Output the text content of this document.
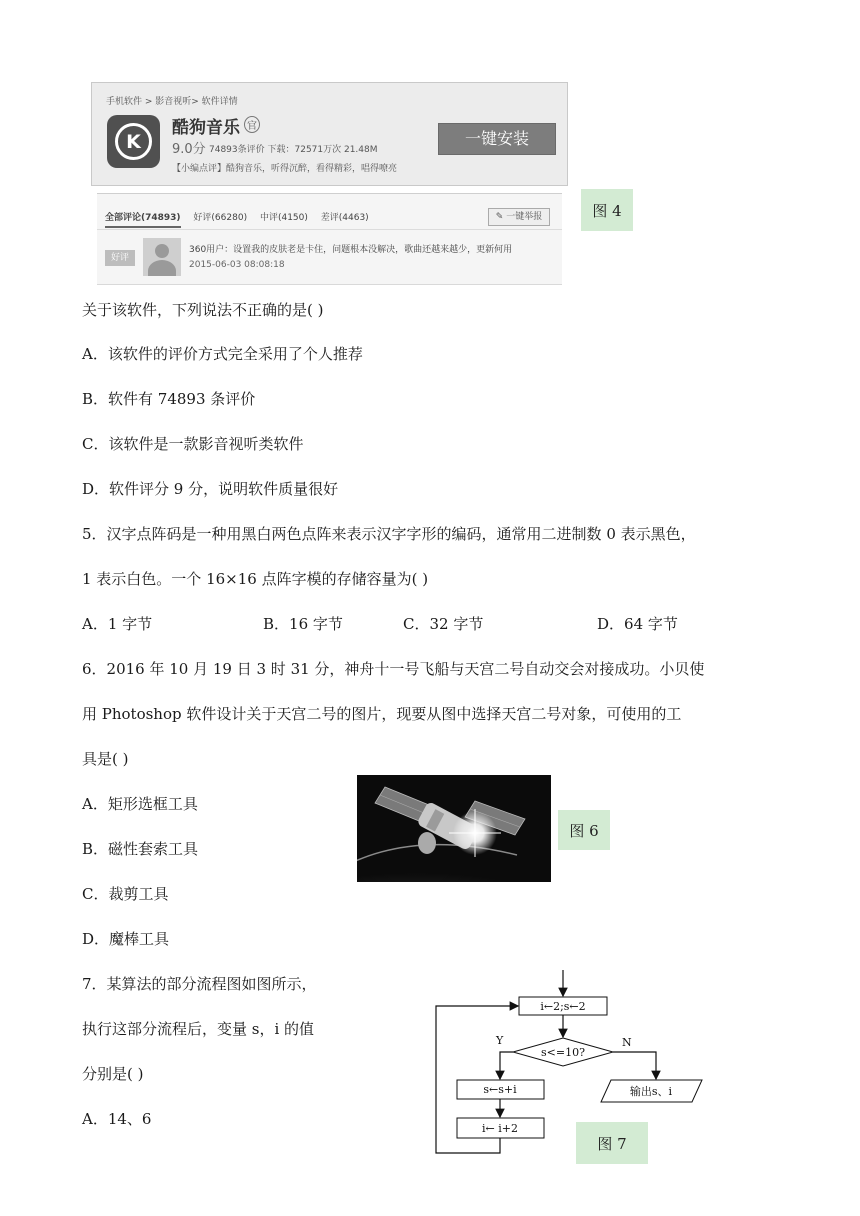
手机软件 > 影音视听> 软件详情
K
酷狗音乐 官
9.0分 74893条评价 下载：72571万次 21.48M
【小编点评】酷狗音乐，听得沉醉，看得精彩，唱得嘹亮
一键安装
全部评论(74893) 好评(66280) 中评(4150) 差评(4463)	✎ 一键举报
好评
360用户：设置我的皮肤老是卡住，问题根本没解决，歌曲还越来越少，更新何用
2015-06-03 08:08:18
图 4
关于该软件，下列说法不正确的是( )
A．该软件的评价方式完全采用了个人推荐
B．软件有 74893 条评价
C．该软件是一款影音视听类软件
D．软件评分 9 分，说明软件质量很好
5．汉字点阵码是一种用黑白两色点阵来表示汉字字形的编码，通常用二进制数 0 表示黑色，
1 表示白色。一个 16×16 点阵字模的存储容量为( )
A．1 字节	B．16 字节	C．32 字节	D．64 字节
6．2016 年 10 月 19 日 3 时 31 分，神舟十一号飞船与天宫二号自动交会对接成功。小贝使
用 Photoshop 软件设计关于天宫二号的图片，现要从图中选择天宫二号对象，可使用的工
具是( )
A．矩形选框工具
B．磁性套索工具
C．裁剪工具
D．魔棒工具
图 6
7．某算法的部分流程图如图所示，
执行这部分流程后，变量 s，i 的值
分别是( )
A．14、6
i←2;s←2
s<=10?
Y	N
s←s+i
i← i+2
输出s、i
图 7
